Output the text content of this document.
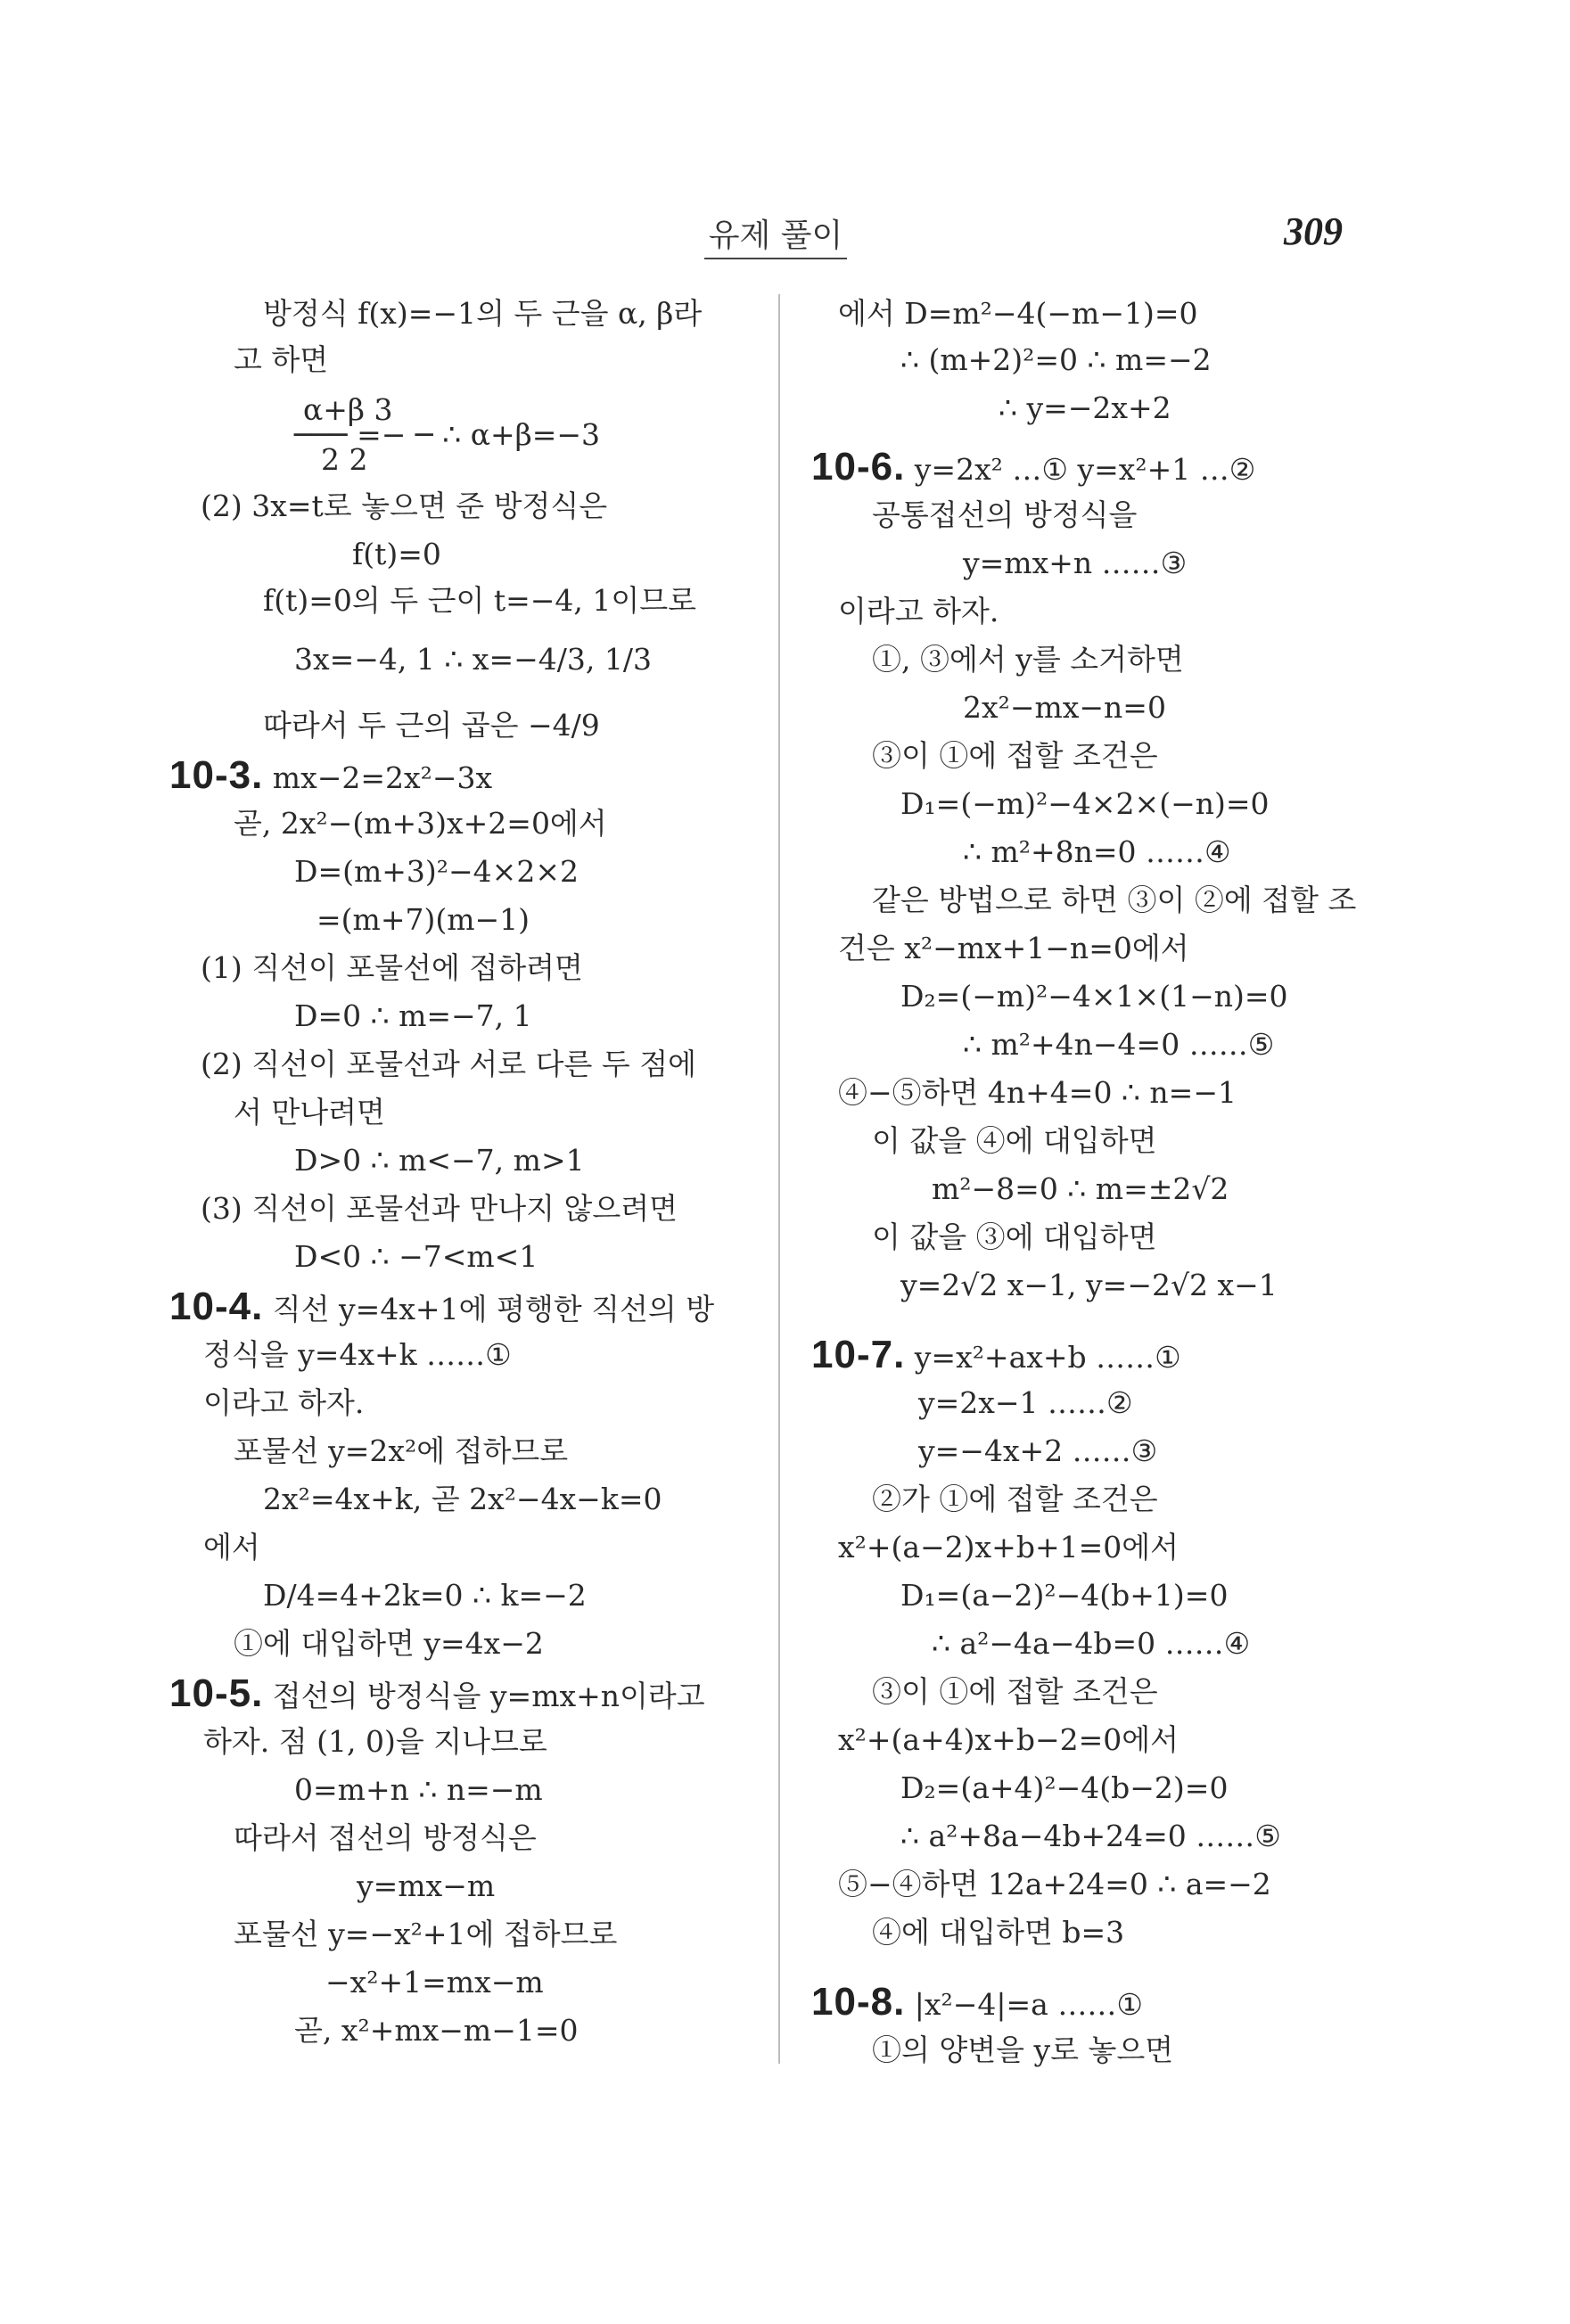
유제 풀이	309
방정식 f(x)=−1의 두 근을 α, β라
고 하면
α+β 3
─── =− ─ ∴ α+β=−3
2 2
(2) 3x=t로 놓으면 준 방정식은
f(t)=0
f(t)=0의 두 근이 t=−4, 1이므로
3x=−4, 1 ∴ x=−4/3, 1/3
따라서 두 근의 곱은 −4/9
10-3. mx−2=2x²−3x
곧, 2x²−(m+3)x+2=0에서
D=(m+3)²−4×2×2
=(m+7)(m−1)
(1) 직선이 포물선에 접하려면
D=0 ∴ m=−7, 1
(2) 직선이 포물선과 서로 다른 두 점에
서 만나려면
D>0 ∴ m<−7, m>1
(3) 직선이 포물선과 만나지 않으려면
D<0 ∴ −7<m<1
10-4. 직선 y=4x+1에 평행한 직선의 방
정식을 y=4x+k ……①
이라고 하자.
포물선 y=2x²에 접하므로
2x²=4x+k, 곧 2x²−4x−k=0
에서
D/4=4+2k=0 ∴ k=−2
①에 대입하면 y=4x−2
10-5. 접선의 방정식을 y=mx+n이라고
하자. 점 (1, 0)을 지나므로
0=m+n ∴ n=−m
따라서 접선의 방정식은
y=mx−m
포물선 y=−x²+1에 접하므로
−x²+1=mx−m
곧, x²+mx−m−1=0
에서 D=m²−4(−m−1)=0
∴ (m+2)²=0 ∴ m=−2
∴ y=−2x+2
10-6. y=2x² …① y=x²+1 …②
공통접선의 방정식을
y=mx+n ……③
이라고 하자.
①, ③에서 y를 소거하면
2x²−mx−n=0
③이 ①에 접할 조건은
D₁=(−m)²−4×2×(−n)=0
∴ m²+8n=0 ……④
같은 방법으로 하면 ③이 ②에 접할 조
건은 x²−mx+1−n=0에서
D₂=(−m)²−4×1×(1−n)=0
∴ m²+4n−4=0 ……⑤
④−⑤하면 4n+4=0 ∴ n=−1
이 값을 ④에 대입하면
m²−8=0 ∴ m=±2√2
이 값을 ③에 대입하면
y=2√2 x−1, y=−2√2 x−1
10-7. y=x²+ax+b ……①
y=2x−1 ……②
y=−4x+2 ……③
②가 ①에 접할 조건은
x²+(a−2)x+b+1=0에서
D₁=(a−2)²−4(b+1)=0
∴ a²−4a−4b=0 ……④
③이 ①에 접할 조건은
x²+(a+4)x+b−2=0에서
D₂=(a+4)²−4(b−2)=0
∴ a²+8a−4b+24=0 ……⑤
⑤−④하면 12a+24=0 ∴ a=−2
④에 대입하면 b=3
10-8. |x²−4|=a ……①
①의 양변을 y로 놓으면
